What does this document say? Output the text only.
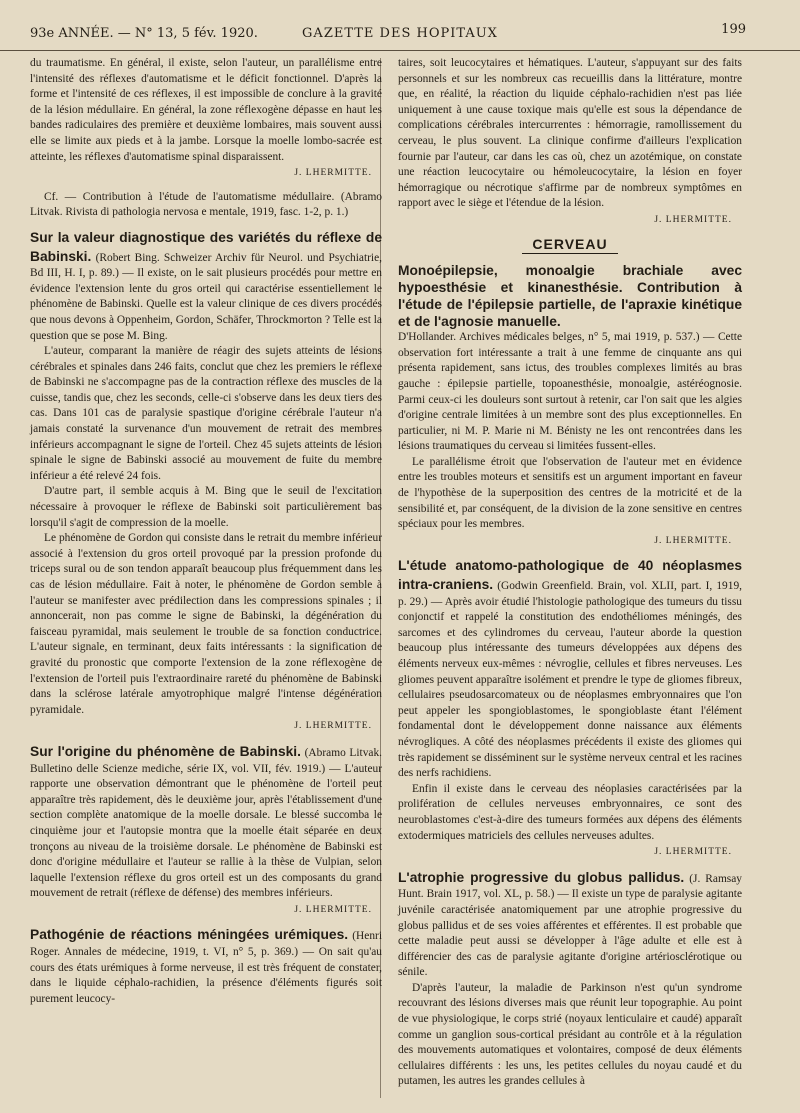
93e ANNÉE. — N° 13, 5 fév. 1920.	GAZETTE DES HOPITAUX	199

du traumatisme. En général, il existe, selon l'auteur, un parallélisme entre l'intensité des réflexes d'automatisme et le déficit fonctionnel. D'après la forme et l'intensité de ces réflexes, il est impossible de conclure à la gravité de la lésion médullaire. En général, la zone réflexogène dépasse en haut les bandes radiculaires des première et deuxième lombaires, mais souvent aussi elle se limite aux pieds et à la jambe. Lorsque la moelle lombo-sacrée est atteinte, les réflexes d'automatisme spinal disparaissent.

J. LHERMITTE.

Cf. — Contribution à l'étude de l'automatisme médullaire. (Abramo Litvak. Rivista di pathologia nervosa e mentale, 1919, fasc. 1-2, p. 1.)

Sur la valeur diagnostique des variétés du réflexe de Babinski. (Robert Bing. Schweizer Archiv für Neurol. und Psychiatrie, Bd III, H. I, p. 89.) — Il existe, on le sait plusieurs procédés pour mettre en évidence l'extension lente du gros orteil qui caractérise essentiellement le phénomène de Babinski. Quelle est la valeur clinique de ces divers procédés que nous devons à Oppenheim, Gordon, Schäfer, Throckmorton ? Telle est la question que se pose M. Bing.

L'auteur, comparant la manière de réagir des sujets atteints de lésions cérébrales et spinales dans 246 faits, conclut que chez les premiers le réflexe de Babinski ne s'accompagne pas de la contraction réflexe des muscles de la cuisse, tandis que, chez les seconds, celle-ci s'observe dans les deux tiers des cas. Dans 101 cas de paralysie spastique d'origine cérébrale l'auteur n'a jamais constaté la survenance d'un mouvement de retrait des membres inférieurs accompagnant le signe de l'orteil. Chez 45 sujets atteints de lésion spinale le signe de Babinski associé au mouvement de fuite du membre inférieur a été relevé 24 fois.

D'autre part, il semble acquis à M. Bing que le seuil de l'excitation nécessaire à provoquer le réflexe de Babinski soit particulièrement bas lorsqu'il s'agit de compression de la moelle.

Le phénomène de Gordon qui consiste dans le retrait du membre inférieur associé à l'extension du gros orteil provoqué par la pression profonde du triceps sural ou de son tendon apparaît beaucoup plus fréquemment dans les cas de lésion médullaire. Fait à noter, le phénomène de Gordon semble à l'auteur se manifester avec prédilection dans les compressions spinales ; il annoncerait, non pas comme le signe de Babinski, la dégénération du faisceau pyramidal, mais seulement le trouble de sa fonction conductrice. L'auteur signale, en terminant, deux faits intéressants : la signification de gravité du pronostic que comporte l'extension de la zone réflexogène de l'extension de l'orteil puis l'extraordinaire rareté du phénomène de Babinski dans la sclérose latérale amyotrophique malgré l'intense dégénération pyramidale.

J. LHERMITTE.

Sur l'origine du phénomène de Babinski. (Abramo Litvak. Bulletino delle Scienze mediche, série IX, vol. VII, fév. 1919.) — L'auteur rapporte une observation démontrant que le phénomène de l'orteil peut apparaître très rapidement, dès le deuxième jour, après l'établissement d'une section complète anatomique de la moelle dorsale. Le blessé succomba le cinquième jour et l'autopsie montra que la moelle était séparée en deux tronçons au niveau de la troisième dorsale. Le phénomène de Babinski est donc d'origine médullaire et l'auteur se rallie à la thèse de Vulpian, selon laquelle l'extension réflexe du gros orteil est un des composants du grand mouvement de retrait (réflexe de défense) des membres inférieurs.

J. LHERMITTE.

Pathogénie de réactions méningées urémiques. (Henri Roger. Annales de médecine, 1919, t. VI, n° 5, p. 369.) — On sait qu'au cours des états urémiques à forme nerveuse, il est très fréquent de constater, dans le liquide céphalo-rachidien, la présence d'éléments figurés soit purement leucocy-

taires, soit leucocytaires et hématiques. L'auteur, s'appuyant sur des faits personnels et sur les nombreux cas recueillis dans la littérature, montre que, en réalité, la réaction du liquide céphalo-rachidien n'est pas liée uniquement à une cause toxique mais qu'elle est sous la dépendance de complications cérébrales intercurrentes : hémorragie, ramollissement du cerveau, le plus souvent. La clinique confirme d'ailleurs l'explication fournie par l'auteur, car dans les cas où, chez un azotémique, on constate une réaction leucocytaire ou hémoleucocytaire, la lésion en foyer hémorragique ou nécrotique s'affirme par de nombreux symptômes en rapport avec le siège et l'étendue de la lésion.

J. LHERMITTE.
CERVEAU

Monoépilepsie, monoalgie brachiale avec hypoesthésie et kinanesthésie. Contribution à l'étude de l'épilepsie partielle, de l'apraxie kinétique et de l'agnosie manuelle.

D'Hollander. Archives médicales belges, n° 5, mai 1919, p. 537.) — Cette observation fort intéressante a trait à une femme de cinquante ans qui présenta rapidement, sans ictus, des troubles complexes limités au bras gauche : épilepsie partielle, topoanesthésie, monoalgie, astéréognosie. Parmi ceux-ci les douleurs sont surtout à retenir, car l'on sait que les algies d'origine centrale limitées à un membre sont des plus exceptionnelles. En particulier, ni M. P. Marie ni M. Bénisty ne les ont rencontrées dans les lésions traumatiques du cerveau si limitées fussent-elles.

Le parallélisme étroit que l'observation de l'auteur met en évidence entre les troubles moteurs et sensitifs est un argument important en faveur de l'hypothèse de la superposition des centres de la motricité et de la sensibilité et, par conséquent, de la division de la zone sensitive en centres spéciaux pour les membres.

J. LHERMITTE.

L'étude anatomo-pathologique de 40 néoplasmes intra-craniens. (Godwin Greenfield. Brain, vol. XLII, part. I, 1919, p. 29.) — Après avoir étudié l'histologie pathologique des tumeurs du tissu conjonctif et rappelé la constitution des endothéliomes méningés, des sarcomes et des cylindromes du cerveau, l'auteur aborde la question beaucoup plus intéressante des tumeurs développées aux dépens des éléments nerveux eux-mêmes : névroglie, cellules et fibres nerveuses. Les gliomes peuvent apparaître isolément et prendre le type de gliomes fibreux, cellulaires pseudosarcomateux ou de néoplasmes embryonnaires que l'on peut appeler les spongioblastomes, le spongioblaste étant l'élément fondamental dont le développement donne naissance aux éléments névrogliques. A côté des néoplasmes précédents il existe des gliomes qui très rapidement se disséminent sur le système nerveux central et les racines des nerfs rachidiens.

Enfin il existe dans le cerveau des néoplasies caractérisées par la prolifération de cellules nerveuses embryonnaires, ce sont des neuroblastomes c'est-à-dire des tumeurs formées aux dépens des éléments extodermiques matriciels des cellules nerveuses adultes.

J. LHERMITTE.

L'atrophie progressive du globus pallidus. (J. Ramsay Hunt. Brain 1917, vol. XL, p. 58.) — Il existe un type de paralysie agitante juvénile caractérisée anatomiquement par une atrophie progressive du globus pallidus et de ses voies afférentes et efférentes. Il est probable que cette maladie peut aussi se développer à l'âge adulte et elle est à différencier des cas de paralysie agitante d'origine artériosclérotique ou sénile.

D'après l'auteur, la maladie de Parkinson n'est qu'un syndrome recouvrant des lésions diverses mais que réunit leur topographie. Au point de vue physiologique, le corps strié (noyaux lenticulaire et caudé) apparaît comme un ganglion sous-cortical présidant au contrôle et à la régulation des mouvements automatiques et volontaires, composé de deux éléments cellulaires différents : les uns, les petites cellules du noyau caudé et du putamen, les autres les grandes cellules à
